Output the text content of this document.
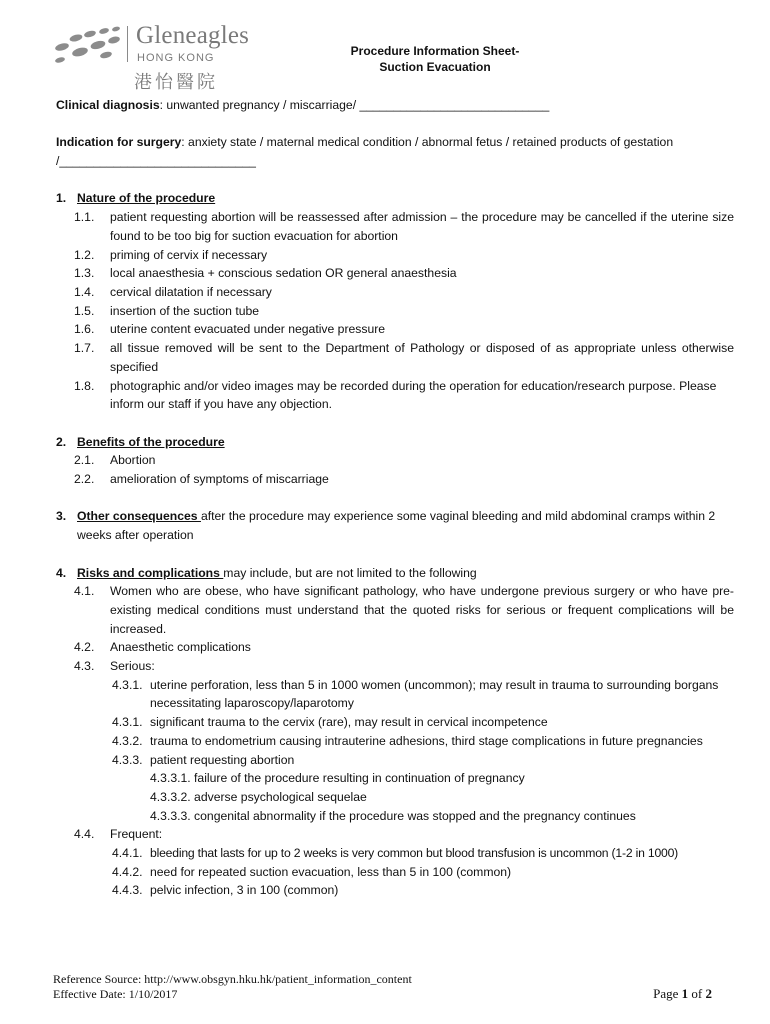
Gleneagles
HONG KONG
港怡醫院
Procedure Information Sheet-
Suction Evacuation

Clinical diagnosis: unwanted pregnancy / miscarriage/ ____________________________

Indication for surgery: anxiety state / maternal medical condition / abnormal fetus / retained products of gestation /_____________________________

1. Nature of the procedure
1.1.	patient requesting abortion will be reassessed after admission – the procedure may be cancelled if the uterine size found to be too big for suction evacuation for abortion
1.2.	priming of cervix if necessary
1.3.	local anaesthesia + conscious sedation OR general anaesthesia
1.4.	cervical dilatation if necessary
1.5.	insertion of the suction tube
1.6.	uterine content evacuated under negative pressure
1.7.	all tissue removed will be sent to the Department of Pathology or disposed of as appropriate unless otherwise specified
1.8.	photographic and/or video images may be recorded during the operation for education/research purpose. Please inform our staff if you have any objection.
2. Benefits of the procedure
2.1.	Abortion
2.2.	amelioration of symptoms of miscarriage
3. Other consequences after the procedure may experience some vaginal bleeding and mild abdominal cramps within 2 weeks after operation
4. Risks and complications may include, but are not limited to the following
4.1.	Women who are obese, who have significant pathology, who have undergone previous surgery or who have pre-existing medical conditions must understand that the quoted risks for serious or frequent complications will be increased.
4.2.	Anaesthetic complications
4.3.	Serious:
4.3.1. uterine perforation, less than 5 in 1000 women (uncommon); may result in trauma to surrounding borgans necessitating laparoscopy/laparotomy
4.3.1. significant trauma to the cervix (rare), may result in cervical incompetence
4.3.2. trauma to endometrium causing intrauterine adhesions, third stage complications in future pregnancies
4.3.3. patient requesting abortion
4.3.3.1. failure of the procedure resulting in continuation of pregnancy
4.3.3.2. adverse psychological sequelae
4.3.3.3. congenital abnormality if the procedure was stopped and the pregnancy continues
4.4.	Frequent:
4.4.1. bleeding that lasts for up to 2 weeks is very common but blood transfusion is uncommon (1-2 in 1000)
4.4.2. need for repeated suction evacuation, less than 5 in 100 (common)
4.4.3. pelvic infection, 3 in 100 (common)
Reference Source: http://www.obsgyn.hku.hk/patient_information_content
Effective Date: 1/10/2017	Page 1 of 2
